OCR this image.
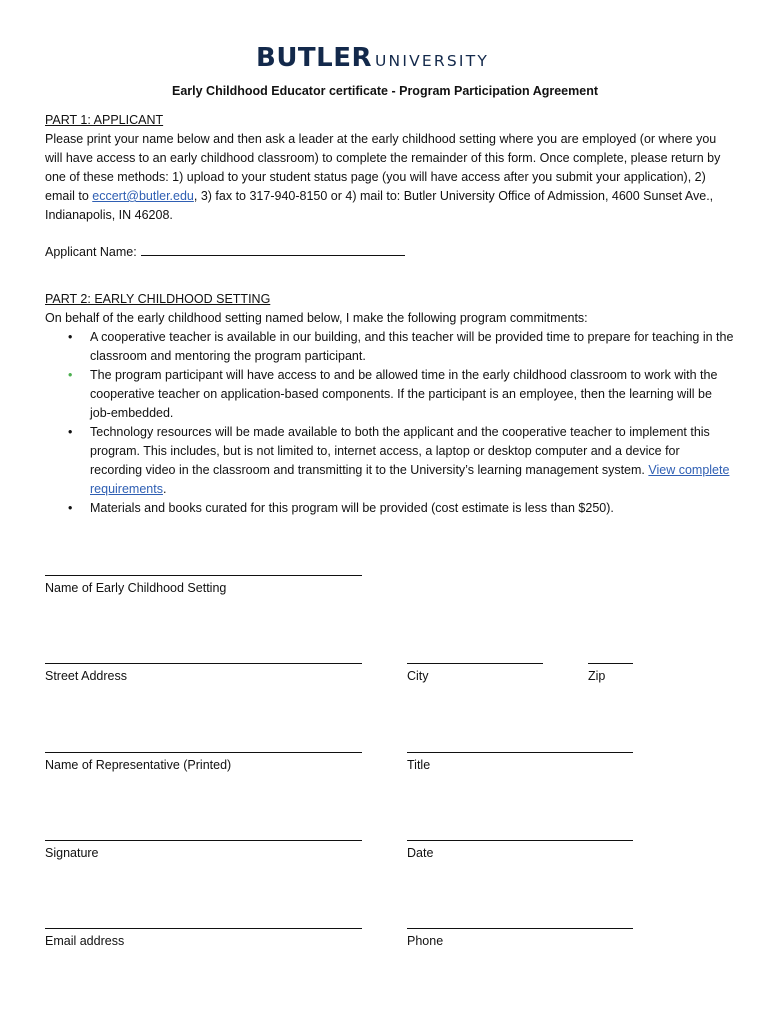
BUTLER UNIVERSITY
Early Childhood Educator certificate - Program Participation Agreement

PART 1: APPLICANT

Please print your name below and then ask a leader at the early childhood setting where you are employed (or where you will have access to an early childhood classroom) to complete the remainder of this form. Once complete, please return by one of these methods: 1) upload to your student status page (you will have access after you submit your application), 2) email to eccert@butler.edu, 3) fax to 317-940-8150 or 4) mail to: Butler University Office of Admission, 4600 Sunset Ave., Indianapolis, IN 46208.

Applicant Name:

PART 2: EARLY CHILDHOOD SETTING

On behalf of the early childhood setting named below, I make the following program commitments:

• A cooperative teacher is available in our building, and this teacher will be provided time to prepare for teaching in the classroom and mentoring the program participant.
• The program participant will have access to and be allowed time in the early childhood classroom to work with the cooperative teacher on application-based components. If the participant is an employee, then the learning will be job-embedded.
• Technology resources will be made available to both the applicant and the cooperative teacher to implement this program. This includes, but is not limited to, internet access, a laptop or desktop computer and a device for recording video in the classroom and transmitting it to the University’s learning management system. View complete requirements.
• Materials and books curated for this program will be provided (cost estimate is less than $250).
Name of Early Childhood Setting
Street Address	City	Zip
Name of Representative (Printed)	Title
Signature	Date
Email address	Phone
